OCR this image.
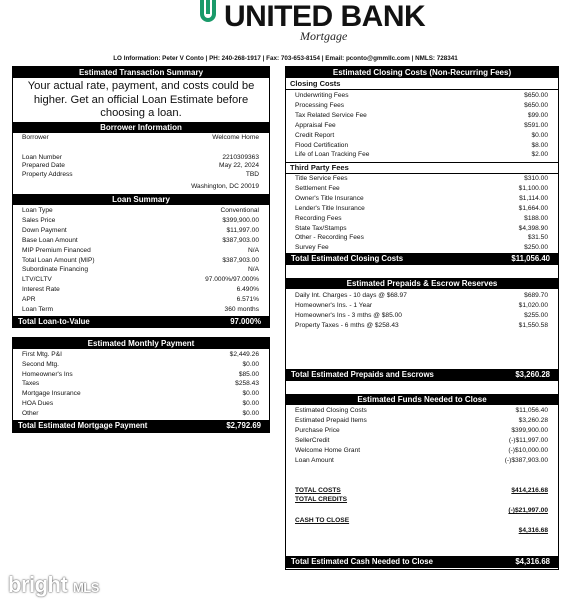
UNITED BANK
Mortgage
LO Information: Peter V Conto | PH: 240-268-1917 | Fax: 703-653-8154 | Email: pconto@gmmllc.com | NMLS: 728341
Estimated Transaction Summary
Your actual rate, payment, and costs could be higher. Get an official Loan Estimate before choosing a loan.
Borrower Information
Borrower	Welcome Home
Loan Number	2210309363
Prepared Date	May 22, 2024
Property Address	TBD
Washington, DC 20019
Loan Summary
Loan Type	Conventional
Sales Price	$399,900.00
Down Payment	$11,997.00
Base Loan Amount	$387,903.00
MIP Premium Financed	N/A
Total Loan Amount (MIP)	$387,903.00
Subordinate Financing	N/A
LTV/CLTV	97.000%/97.000%
Interest Rate	6.490%
APR	6.571%
Loan Term	360 months
Total Loan-to-Value	97.000%
Estimated Monthly Payment
First Mtg. P&I	$2,449.26
Second Mtg.	$0.00
Homeowner's Ins	$85.00
Taxes	$258.43
Mortgage Insurance	$0.00
HOA Dues	$0.00
Other	$0.00
Total Estimated Mortgage Payment	$2,792.69
Estimated Closing Costs (Non-Recurring Fees)
Closing Costs
Underwriting Fees	$650.00
Processing Fees	$650.00
Tax Related Service Fee	$99.00
Appraisal Fee	$591.00
Credit Report	$0.00
Flood Certification	$8.00
Life of Loan Tracking Fee	$2.00
Third Party Fees
Title Service Fees	$310.00
Settlement Fee	$1,100.00
Owner's Title Insurance	$1,114.00
Lender's Title Insurance	$1,664.00
Recording Fees	$188.00
State Tax/Stamps	$4,398.90
Other - Recording Fees	$31.50
Survey Fee	$250.00
Total Estimated Closing Costs	$11,056.40
Estimated Prepaids & Escrow Reserves
Daily Int. Charges - 10 days @ $68.97	$689.70
Homeowner's Ins. - 1 Year	$1,020.00
Homeowner's Ins - 3 mths @ $85.00	$255.00
Property Taxes - 6 mths @ $258.43	$1,550.58
Total Estimated Prepaids and Escrows	$3,260.28
Estimated Funds Needed to Close
Estimated Closing Costs	$11,056.40
Estimated Prepaid Items	$3,260.28
Purchase Price	$399,900.00
SellerCredit	(-)$11,997.00
Welcome Home Grant	(-)$10,000.00
Loan Amount	(-)$387,903.00
TOTAL COSTS	$414,216.68
TOTAL CREDITS
(-)$21,997.00
CASH TO CLOSE
$4,316.68
Total Estimated Cash Needed to Close	$4,316.68
bright MLS
